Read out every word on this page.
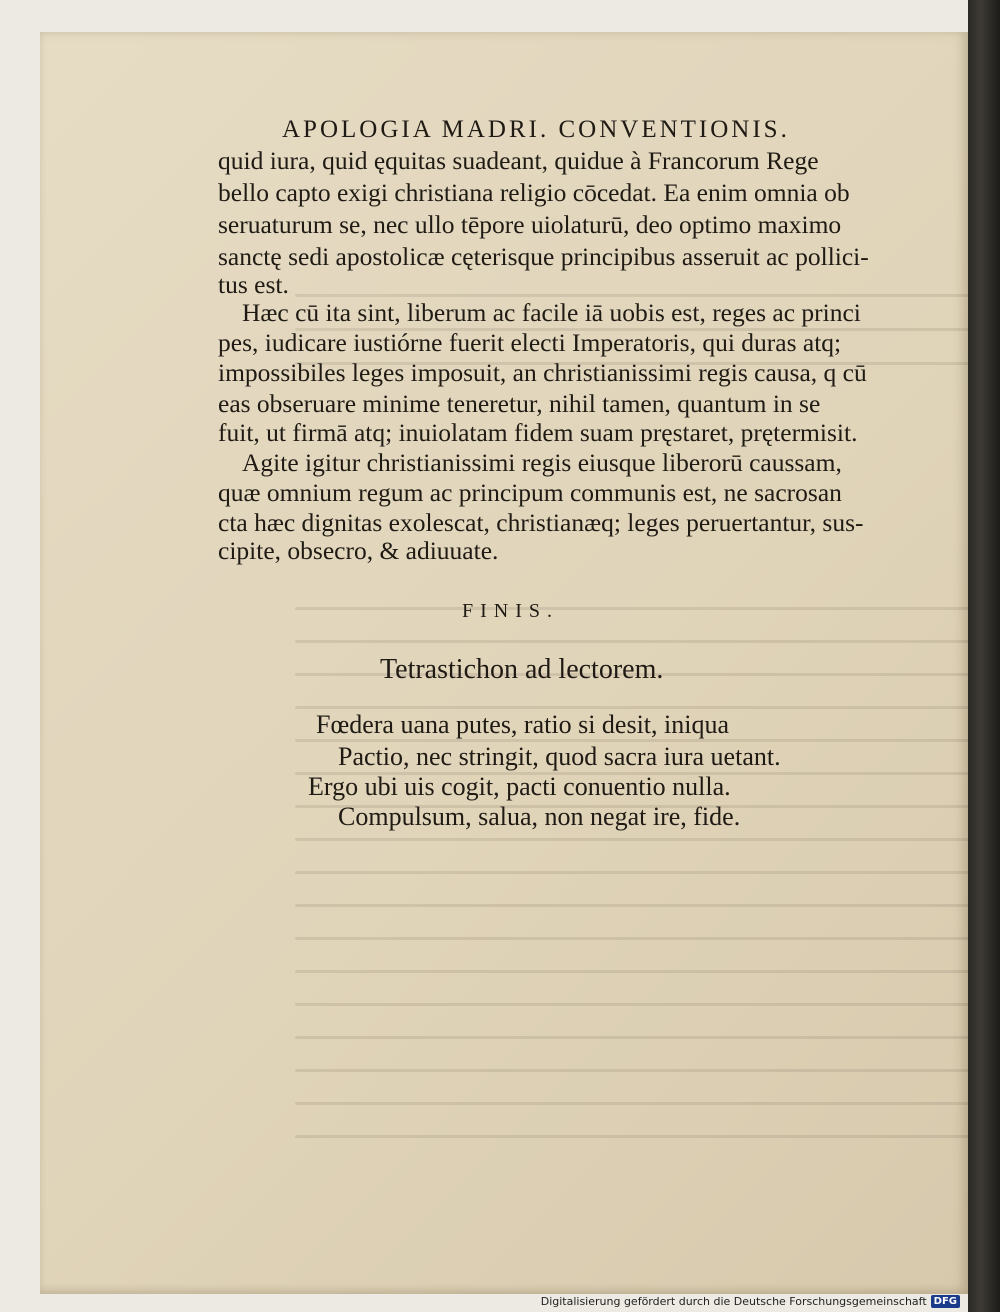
APOLOGIA MADRI. CONVENTIONIS.
quid iura, quid ęquitas suadeant, quidue à Francorum Rege
bello capto exigi christiana religio cōcedat. Ea enim omnia ob
seruaturum se, nec ullo tēpore uiolaturū, deo optimo maximo
sanctę sedi apostolicæ cęterisque principibus asseruit ac pollici-
tus est.
Hæc cū ita sint, liberum ac facile iā uobis est, reges ac princi
pes, iudicare iustiórne fuerit electi Imperatoris, qui duras atq;
impossibiles leges imposuit, an christianissimi regis causa, q cū
eas obseruare minime teneretur, nihil tamen, quantum in se
fuit, ut firmā atq; inuiolatam fidem suam pręstaret, prętermisit.
Agite igitur christianissimi regis eiusque liberorū caussam,
quæ omnium regum ac principum communis est, ne sacrosan
cta hæc dignitas exolescat, christianæq; leges peruertantur, sus-
cipite, obsecro, & adiuuate.
FINIS.
Tetrastichon ad lectorem.
Fœdera uana putes, ratio si desit, iniqua
Pactio, nec stringit, quod sacra iura uetant.
Ergo ubi uis cogit, pacti conuentio nulla.
Compulsum, salua, non negat ire, fide.
Digitalisierung gefördert durch die Deutsche Forschungsgemeinschaft DFG
